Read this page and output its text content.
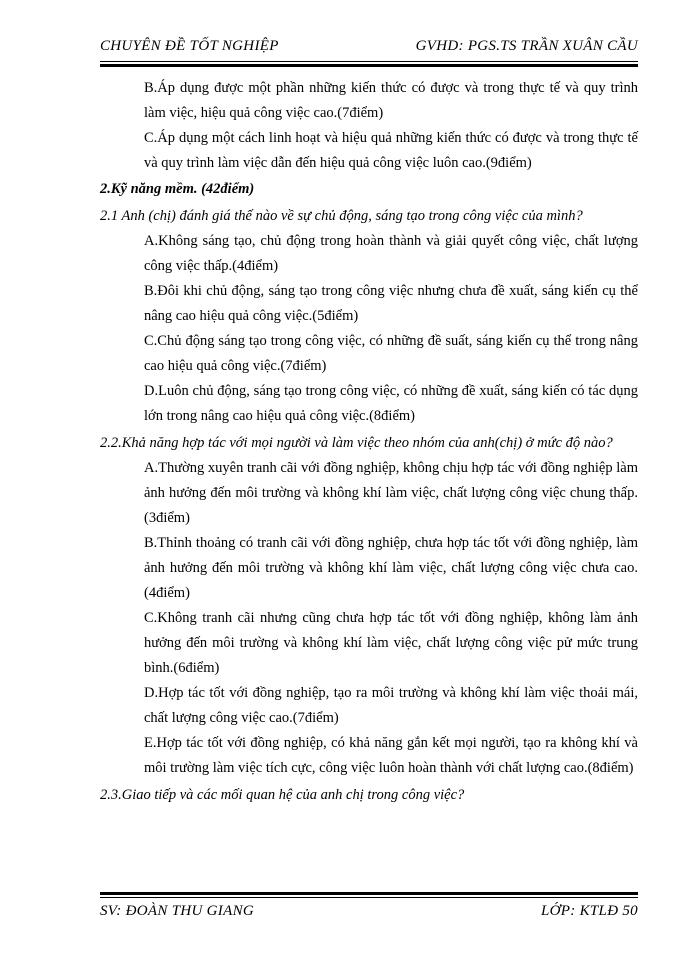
CHUYÊN ĐỀ TỐT NGHIỆP	GVHD: PGS.TS TRẦN XUÂN CẦU

B.Áp dụng được một phần những kiến thức có được và trong thực tế và quy trình làm việc, hiệu quả công việc cao.(7điểm)

C.Áp dụng một cách linh hoạt và hiệu quả những kiến thức có được và trong thực tế và quy trình làm việc dẫn đến hiệu quả công việc luôn cao.(9điểm)

2.Kỹ năng mềm. (42điểm)

2.1 Anh (chị) đánh giá thế nào về sự chủ động, sáng tạo trong công việc của mình?

A.Không sáng tạo, chủ động trong hoàn thành và giải quyết công việc, chất lượng công việc thấp.(4điểm)

B.Đôi khi chủ động, sáng tạo trong công việc nhưng chưa đề xuất, sáng kiến cụ thể nâng cao hiệu quả công việc.(5điểm)

C.Chủ động sáng tạo trong công việc, có những đề suất, sáng kiến cụ thể trong nâng cao hiệu quả công việc.(7điểm)

D.Luôn chủ động, sáng tạo trong công việc, có những đề xuất, sáng kiến có tác dụng lớn trong nâng cao hiệu quả công việc.(8điểm)

2.2.Khả năng hợp tác với mọi người và làm việc theo nhóm của anh(chị) ở mức độ nào?

A.Thường xuyên tranh cãi với đồng nghiệp, không chịu hợp tác với đồng nghiệp làm ảnh hưởng đến môi trường và không khí làm việc, chất lượng công việc chung thấp.(3điểm)

B.Thỉnh thoảng có tranh cãi với đồng nghiệp, chưa hợp tác tốt với đồng nghiệp, làm ảnh hưởng đến môi trường và không khí làm việc, chất lượng công việc chưa cao.(4điểm)

C.Không tranh cãi nhưng cũng chưa hợp tác tốt với đồng nghiệp, không làm ảnh hưởng đến môi trường và không khí làm việc, chất lượng công việc pử mức trung bình.(6điểm)

D.Hợp tác tốt với đồng nghiệp, tạo ra môi trường và không khí làm việc thoải mái, chất lượng công việc cao.(7điểm)

E.Hợp tác tốt với đồng nghiệp, có khả năng gắn kết mọi người, tạo ra không khí và môi trường làm việc tích cực, công việc luôn hoàn thành với chất lượng cao.(8điểm)

2.3.Giao tiếp và các mối quan hệ của anh chị trong công việc?

SV: ĐOÀN THU GIANG	LỚP: KTLĐ 50
